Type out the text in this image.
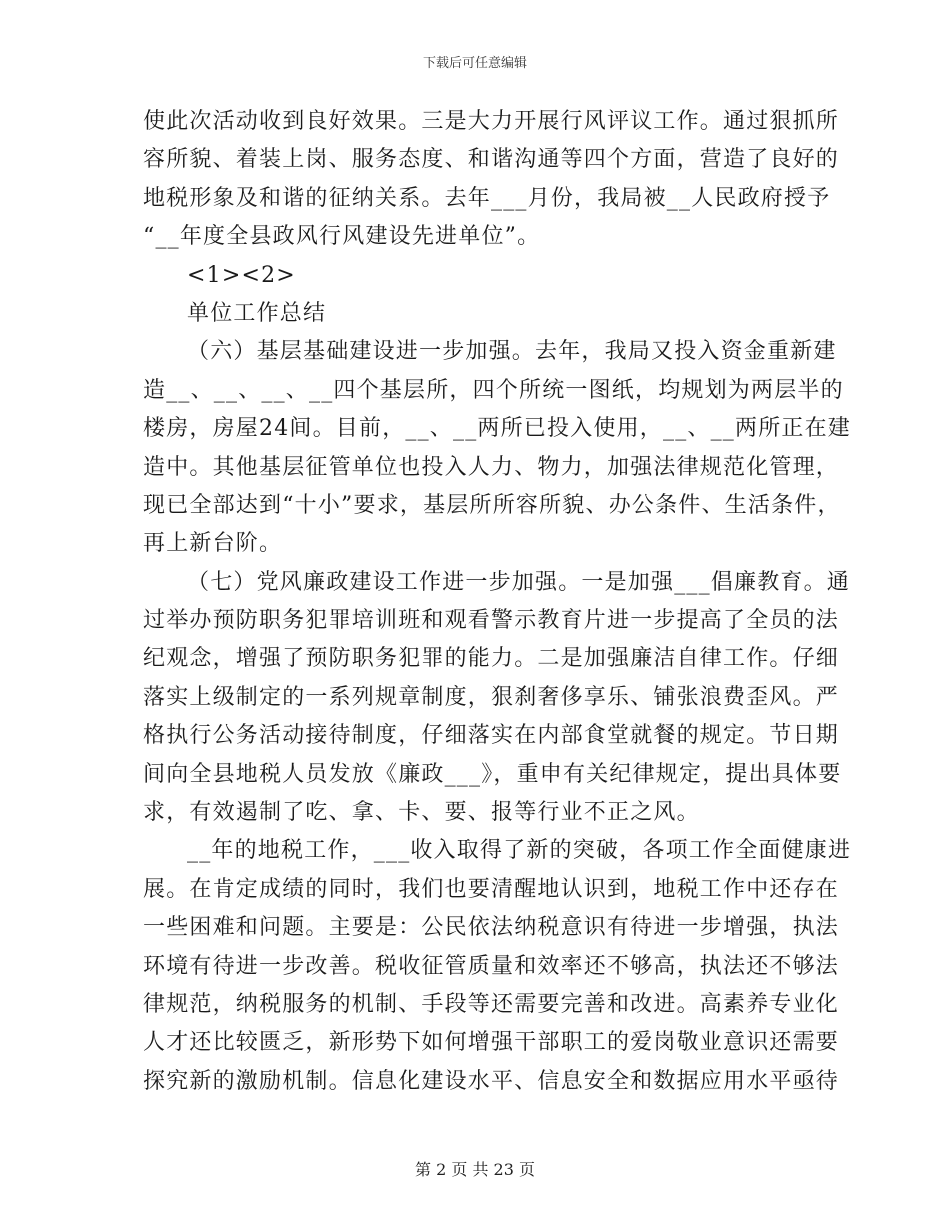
下载后可任意编辑
使此次活动收到良好效果。三是大力开展行风评议工作。通过狠抓所
容所貌、着装上岗、服务态度、和谐沟通等四个方面，营造了良好的
地税形象及和谐的征纳关系。去年___月份，我局被__人民政府授予
“__年度全县政风行风建设先进单位”。
<1><2>
单位工作总结
（六）基层基础建设进一步加强。去年，我局又投入资金重新建
造__、__、__、__四个基层所，四个所统一图纸，均规划为两层半的
楼房，房屋24间。目前，__、__两所已投入使用，__、__两所正在建
造中。其他基层征管单位也投入人力、物力，加强法律规范化管理，
现已全部达到“十小”要求，基层所所容所貌、办公条件、生活条件，
再上新台阶。
（七）党风廉政建设工作进一步加强。一是加强___倡廉教育。通
过举办预防职务犯罪培训班和观看警示教育片进一步提高了全员的法
纪观念，增强了预防职务犯罪的能力。二是加强廉洁自律工作。仔细
落实上级制定的一系列规章制度，狠刹奢侈享乐、铺张浪费歪风。严
格执行公务活动接待制度，仔细落实在内部食堂就餐的规定。节日期
间向全县地税人员发放《廉政___》，重申有关纪律规定，提出具体要
求，有效遏制了吃、拿、卡、要、报等行业不正之风。
__年的地税工作，___收入取得了新的突破，各项工作全面健康进
展。在肯定成绩的同时，我们也要清醒地认识到，地税工作中还存在
一些困难和问题。主要是：公民依法纳税意识有待进一步增强，执法
环境有待进一步改善。税收征管质量和效率还不够高，执法还不够法
律规范，纳税服务的机制、手段等还需要完善和改进。高素养专业化
人才还比较匮乏，新形势下如何增强干部职工的爱岗敬业意识还需要
探究新的激励机制。信息化建设水平、信息安全和数据应用水平亟待
第 2 页 共 23 页
